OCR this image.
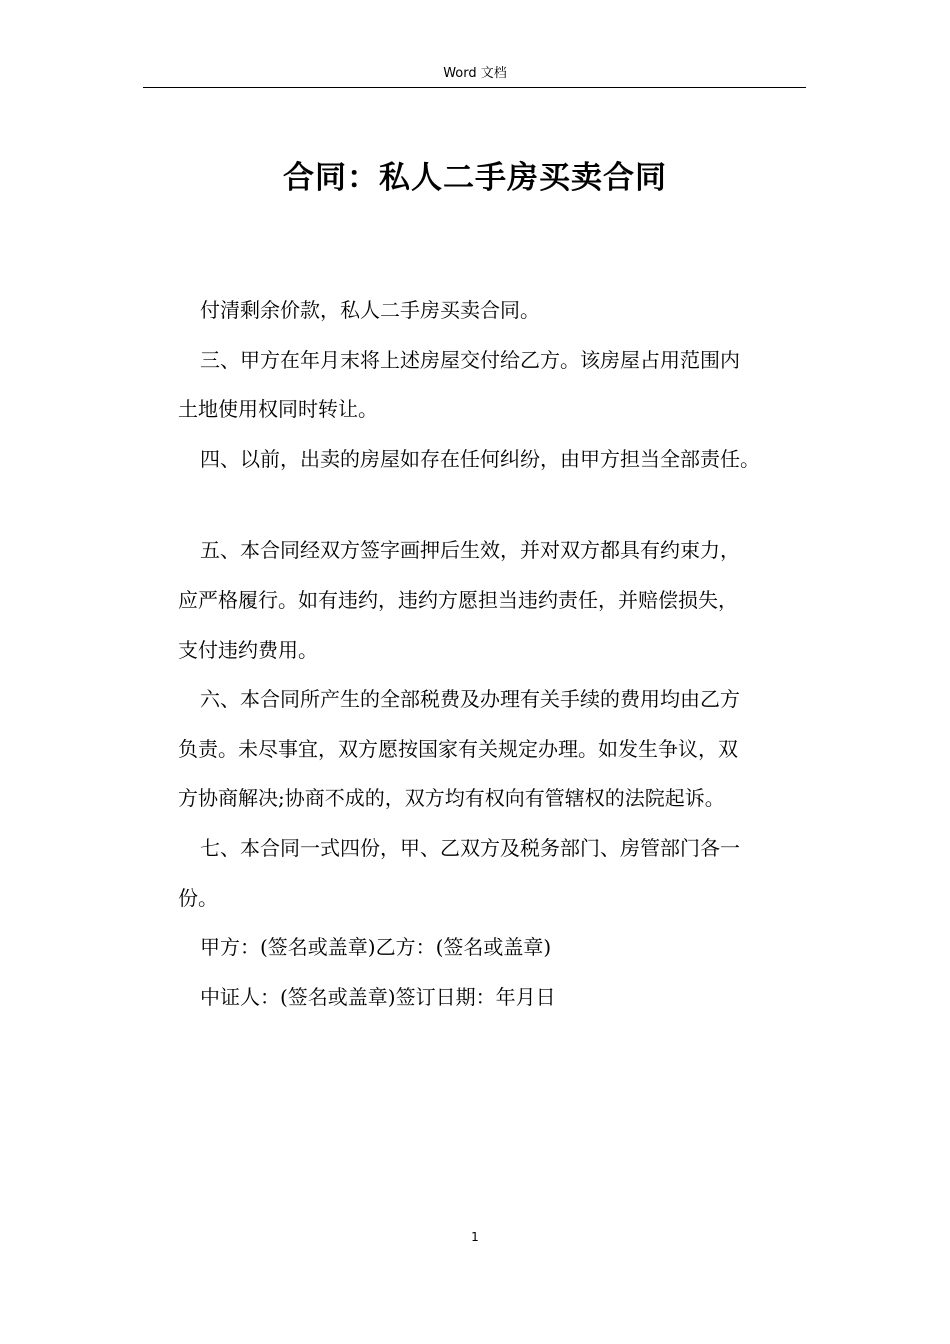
Word 文档
合同：私人二手房买卖合同

付清剩余价款，私人二手房买卖合同。

三、甲方在年月末将上述房屋交付给乙方。该房屋占用范围内
土地使用权同时转让。

四、以前，出卖的房屋如存在任何纠纷，由甲方担当全部责任。

五、本合同经双方签字画押后生效，并对双方都具有约束力，
应严格履行。如有违约，违约方愿担当违约责任，并赔偿损失，
支付违约费用。

六、本合同所产生的全部税费及办理有关手续的费用均由乙方
负责。未尽事宜，双方愿按国家有关规定办理。如发生争议，双
方协商解决;协商不成的，双方均有权向有管辖权的法院起诉。

七、本合同一式四份，甲、乙双方及税务部门、房管部门各一
份。

甲方：(签名或盖章)乙方：(签名或盖章)

中证人：(签名或盖章)签订日期：年月日

1
